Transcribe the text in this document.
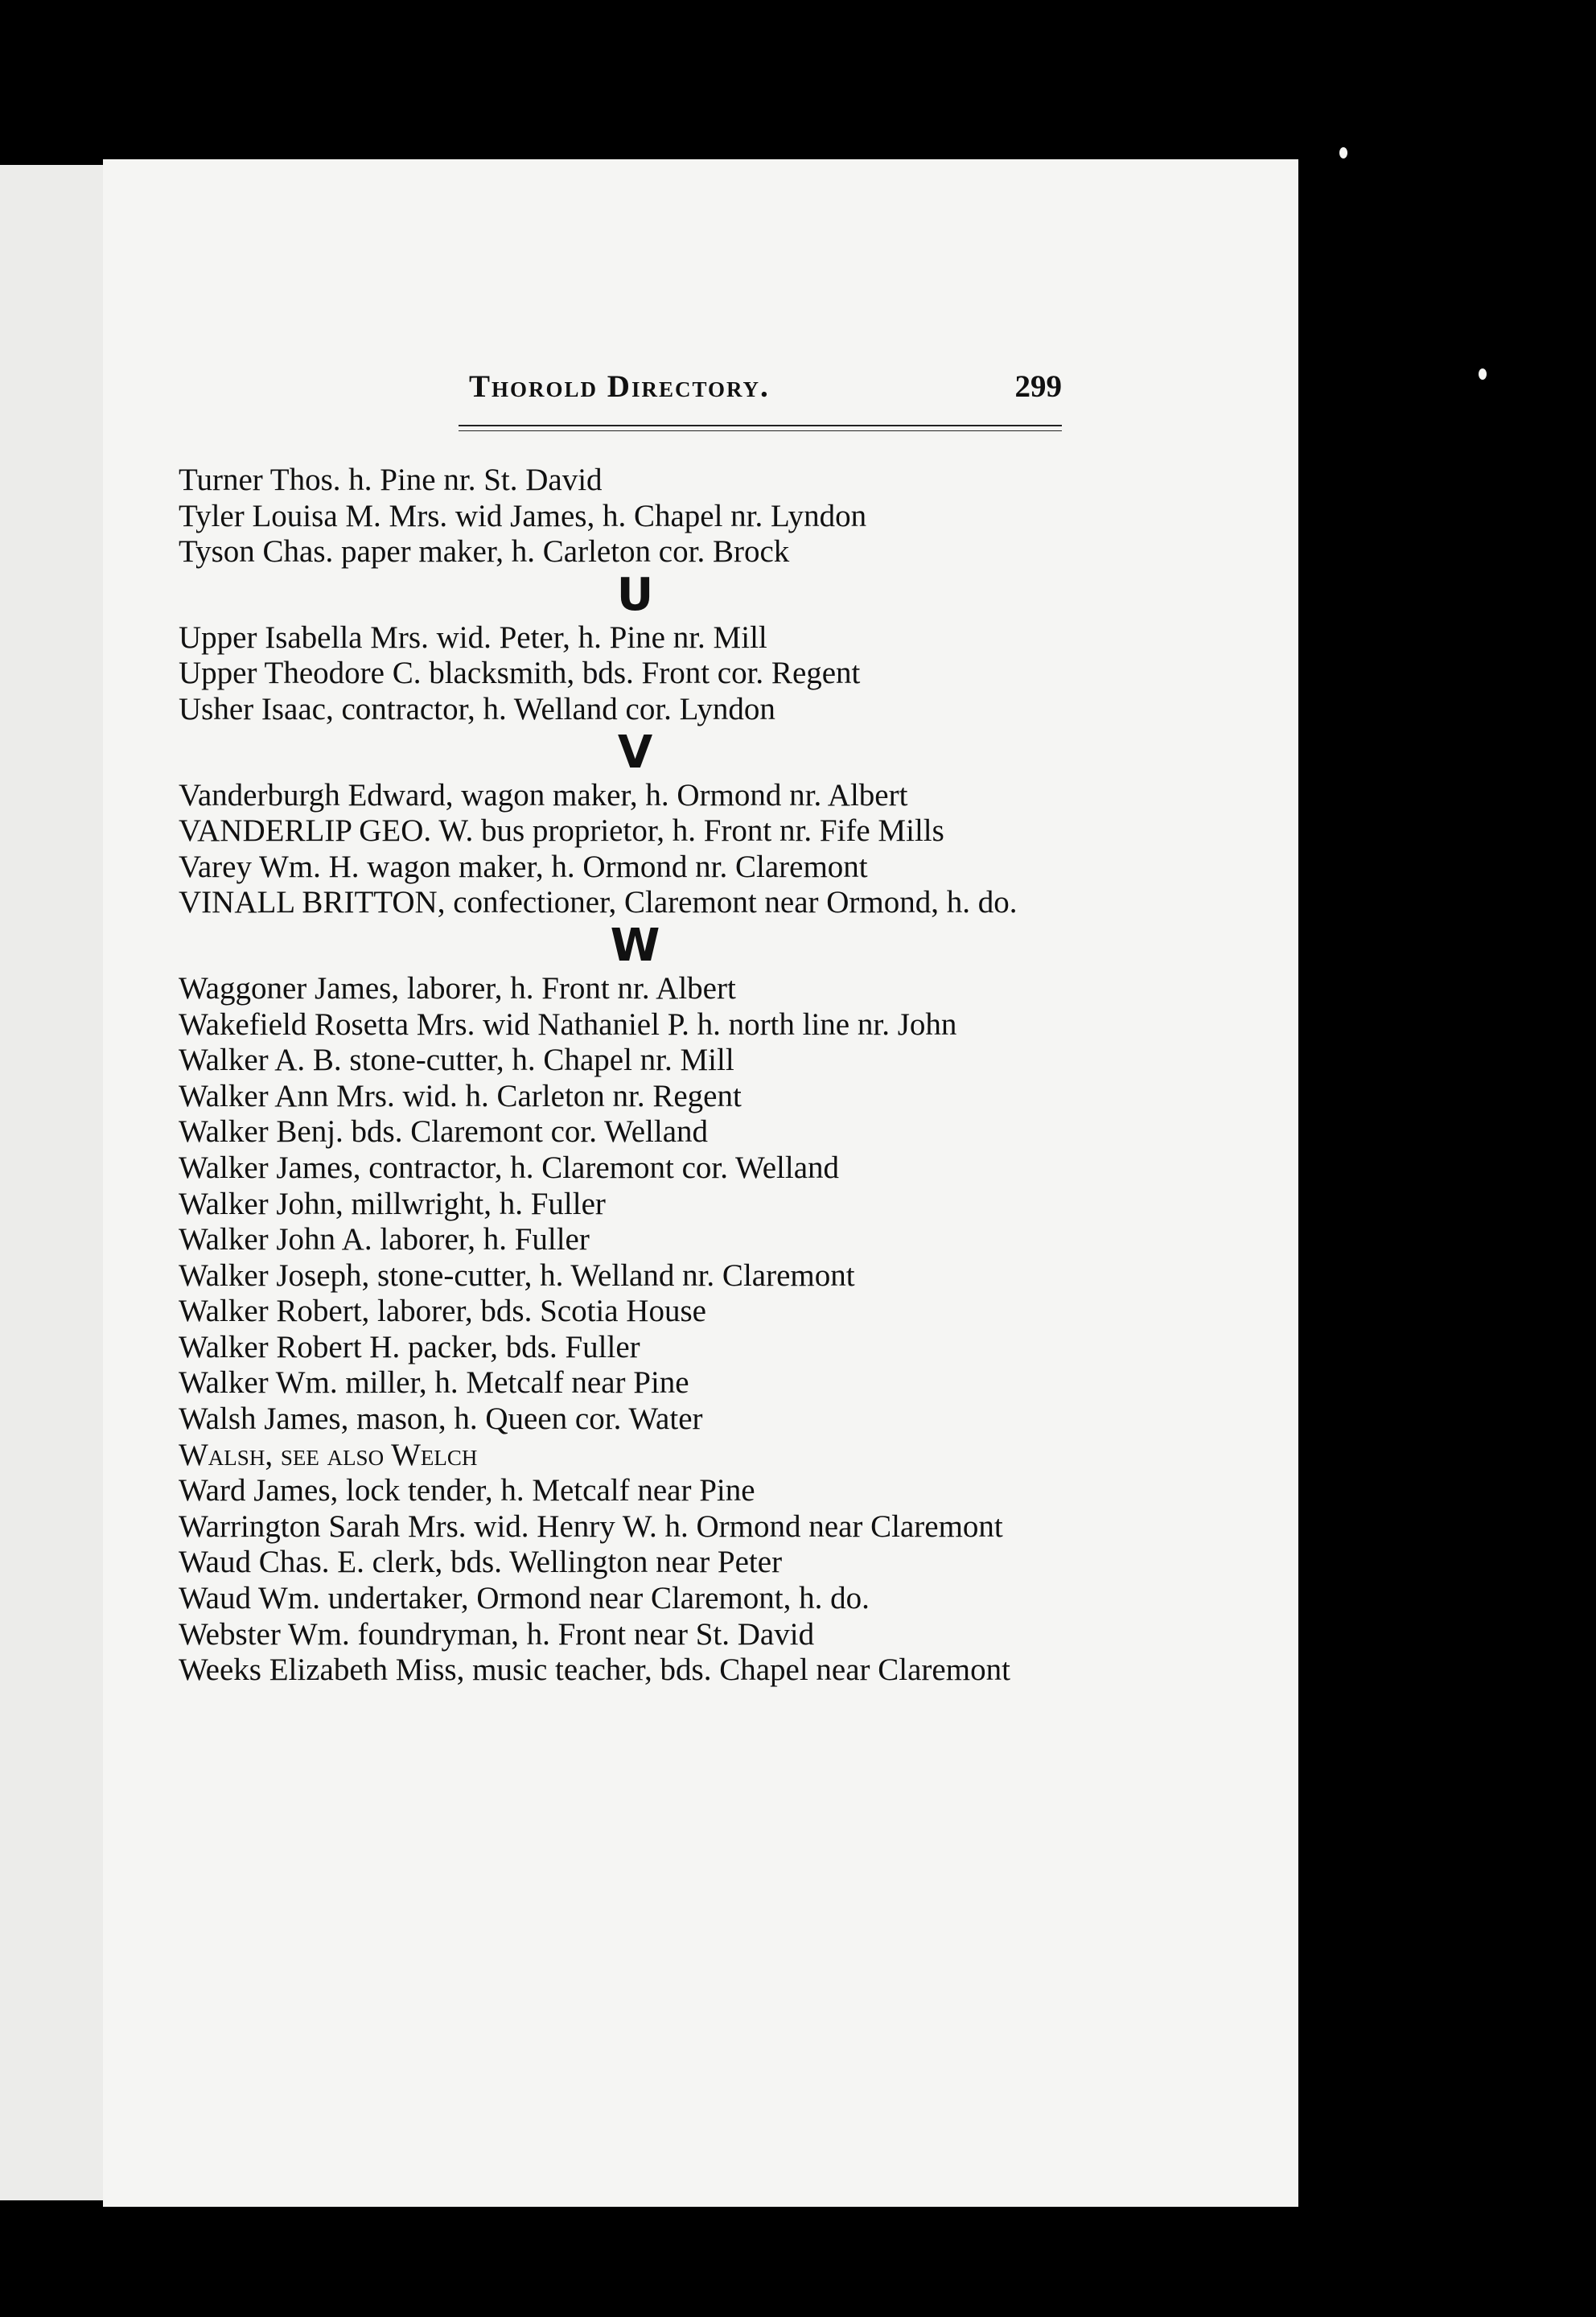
Thorold Directory.	299

Turner Thos. h. Pine nr. St. David

Tyler Louisa M. Mrs. wid James, h. Chapel nr. Lyndon

Tyson Chas. paper maker, h. Carleton cor. Brock

U

Upper Isabella Mrs. wid. Peter, h. Pine nr. Mill

Upper Theodore C. blacksmith, bds. Front cor. Regent

Usher Isaac, contractor, h. Welland cor. Lyndon

V

Vanderburgh Edward, wagon maker, h. Ormond nr. Albert

VANDERLIP GEO. W. bus proprietor, h. Front nr. Fife Mills

Varey Wm. H. wagon maker, h. Ormond nr. Claremont

VINALL BRITTON, confectioner, Claremont near Ormond, h. do.

W

Waggoner James, laborer, h. Front nr. Albert

Wakefield Rosetta Mrs. wid Nathaniel P. h. north line nr. John

Walker A. B. stone-cutter, h. Chapel nr. Mill

Walker Ann Mrs. wid. h. Carleton nr. Regent

Walker Benj. bds. Claremont cor. Welland

Walker James, contractor, h. Claremont cor. Welland

Walker John, millwright, h. Fuller

Walker John A. laborer, h. Fuller

Walker Joseph, stone-cutter, h. Welland nr. Claremont

Walker Robert, laborer, bds. Scotia House

Walker Robert H. packer, bds. Fuller

Walker Wm. miller, h. Metcalf near Pine

Walsh James, mason, h. Queen cor. Water

Walsh, see also Welch

Ward James, lock tender, h. Metcalf near Pine

Warrington Sarah Mrs. wid. Henry W. h. Ormond near Claremont

Waud Chas. E. clerk, bds. Wellington near Peter

Waud Wm. undertaker, Ormond near Claremont, h. do.

Webster Wm. foundryman, h. Front near St. David

Weeks Elizabeth Miss, music teacher, bds. Chapel near Claremont
